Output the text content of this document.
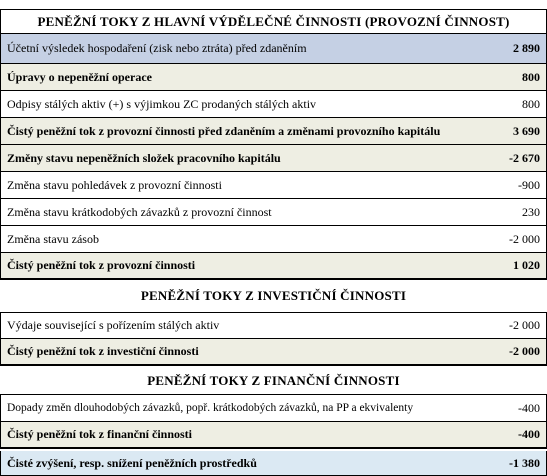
PENĚŽNÍ TOKY Z HLAVNÍ VÝDĚLEČNÉ ČINNOSTI (PROVOZNÍ ČINNOST)
Účetní výsledek hospodaření (zisk nebo ztráta) před zdaněním	2 890
Úpravy o nepeněžní operace	800
Odpisy stálých aktiv (+) s výjimkou ZC prodaných stálých aktiv	800
Čistý peněžní tok z provozní činnosti před zdaněním a změnami provozního kapitálu	3 690
Změny stavu nepeněžních složek pracovního kapitálu	-2 670
Změna stavu pohledávek z provozní činnosti	-900
Změna stavu krátkodobých závazků z provozní činnost	230
Změna stavu zásob	-2 000
Čistý peněžní tok z provozní činnosti	1 020
PENĚŽNÍ TOKY Z INVESTIČNÍ ČINNOSTI
Výdaje související s pořízením stálých aktiv	-2 000
Čistý peněžní tok z investiční činnosti	-2 000
PENĚŽNÍ TOKY Z FINANČNÍ ČINNOSTI
Dopady změn dlouhodobých závazků, popř. krátkodobých závazků, na PP a ekvivalenty	-400
Čistý peněžní tok z finanční činnosti	-400
Čisté zvýšení, resp. snížení peněžních prostředků	-1 380
